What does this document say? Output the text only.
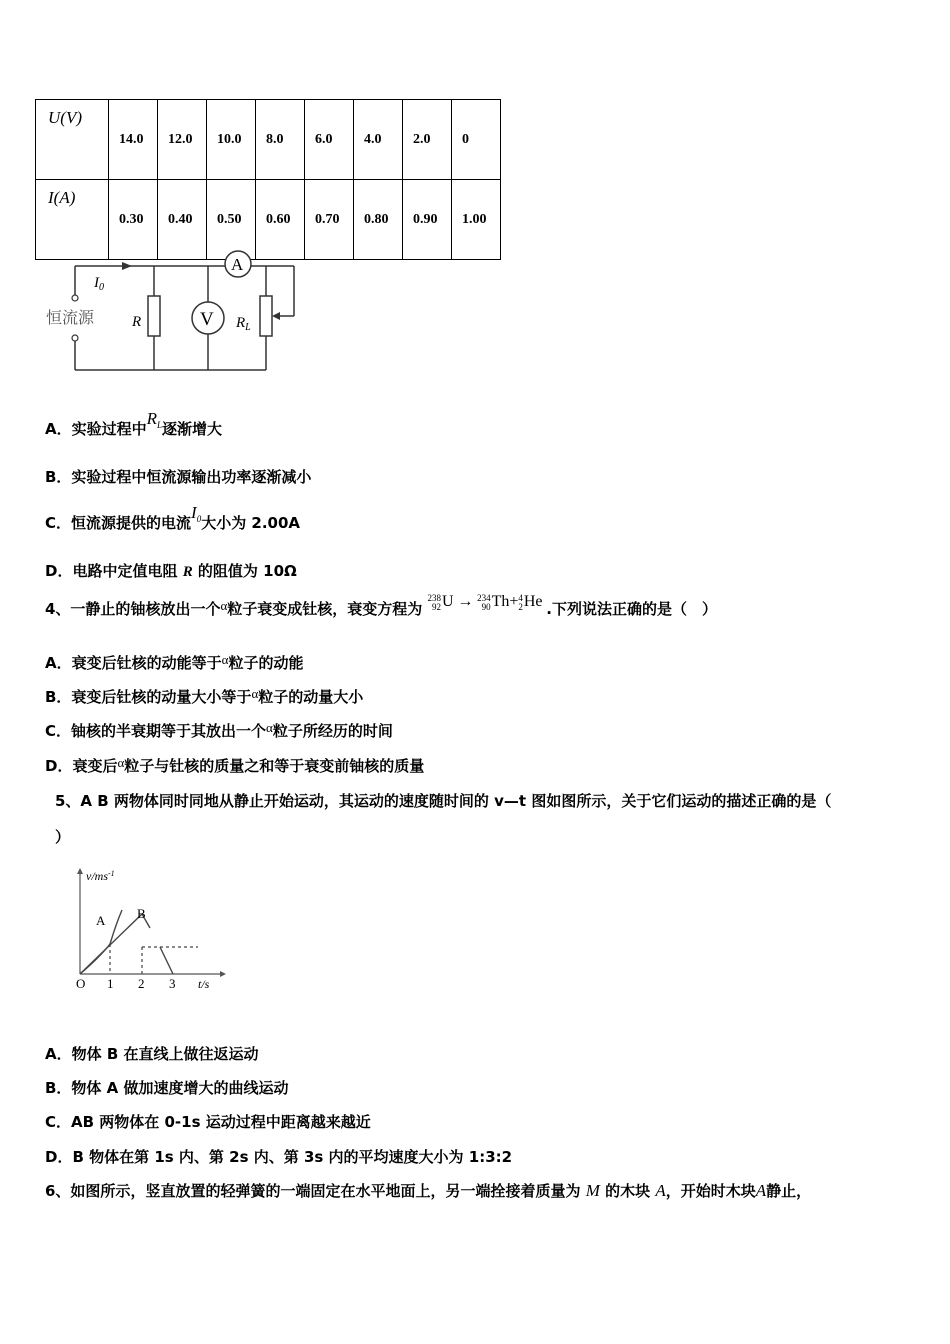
U(V)	14.0	12.0	10.0	8.0	6.0	4.0	2.0	0
I(A)	0.30	0.40	0.50	0.60	0.70	0.80	0.90	1.00
A
V
$I_0$
恒流源	R	$R_L$
A．实验过程中$R^L$逐渐增大
B．实验过程中恒流源输出功率逐渐减小
C．恒流源提供的电流$I^0$大小为 2.00A
D．电路中定值电阻 R 的阻值为 10Ω
4、一静止的铀核放出一个α粒子衰变成钍核，衰变方程为 238
92U → 234
90Th+4
2He .下列说法正确的是（　）
A．衰变后钍核的动能等于α粒子的动能
B．衰变后钍核的动量大小等于α粒子的动量大小
C．铀核的半衰期等于其放出一个α粒子所经历的时间
D．衰变后α粒子与钍核的质量之和等于衰变前铀核的质量
5、A B 两物体同时同地从静止开始运动，其运动的速度随时间的 v—t 图如图所示，关于它们运动的描述正确的是（
）
$v/ms^{-1}$
A B
O 1 2 3 t/s
A．物体 B 在直线上做往返运动
B．物体 A 做加速度增大的曲线运动
C．AB 两物体在 0-1s 运动过程中距离越来越近
D．B 物体在第 1s 内、第 2s 内、第 3s 内的平均速度大小为 1:3:2
6、如图所示，竖直放置的轻弹簧的一端固定在水平地面上，另一端拴接着质量为 M 的木块 A，开始时木块A静止，
